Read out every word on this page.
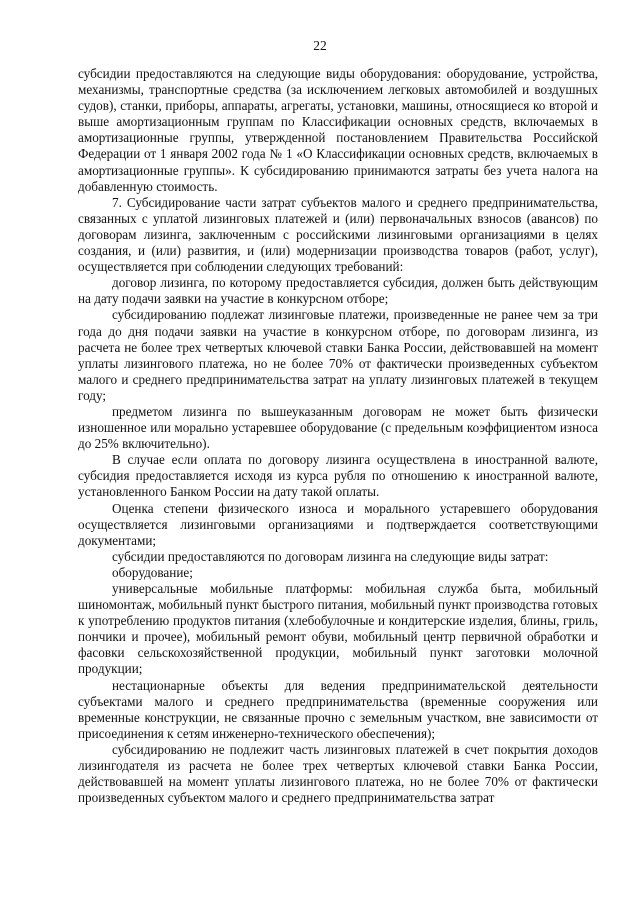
22

субсидии предоставляются на следующие виды оборудования: оборудование, устройства, механизмы, транспортные средства (за исключением легковых автомобилей и воздушных судов), станки, приборы, аппараты, агрегаты, установки, машины, относящиеся ко второй и выше амортизационным группам по Классификации основных средств, включаемых в амортизационные группы, утвержденной постановлением Правительства Российской Федерации от 1 января 2002 года № 1 «О Классификации основных средств, включаемых в амортизационные группы». К субсидированию принимаются затраты без учета налога на добавленную стоимость.

7. Субсидирование части затрат субъектов малого и среднего предпринимательства, связанных с уплатой лизинговых платежей и (или) первоначальных взносов (авансов) по договорам лизинга, заключенным с российскими лизинговыми организациями в целях создания, и (или) развития, и (или) модернизации производства товаров (работ, услуг), осуществляется при соблюдении следующих требований:

договор лизинга, по которому предоставляется субсидия, должен быть действующим на дату подачи заявки на участие в конкурсном отборе;

субсидированию подлежат лизинговые платежи, произведенные не ранее чем за три года до дня подачи заявки на участие в конкурсном отборе, по договорам лизинга, из расчета не более трех четвертых ключевой ставки Банка России, действовавшей на момент уплаты лизингового платежа, но не более 70% от фактически произведенных субъектом малого и среднего предпринимательства затрат на уплату лизинговых платежей в текущем году;

предметом лизинга по вышеуказанным договорам не может быть физически изношенное или морально устаревшее оборудование (с предельным коэффициентом износа до 25% включительно).

В случае если оплата по договору лизинга осуществлена в иностранной валюте, субсидия предоставляется исходя из курса рубля по отношению к иностранной валюте, установленного Банком России на дату такой оплаты.

Оценка степени физического износа и морального устаревшего оборудования осуществляется лизинговыми организациями и подтверждается соответствующими документами;

субсидии предоставляются по договорам лизинга на следующие виды затрат:

оборудование;

универсальные мобильные платформы: мобильная служба быта, мобильный шиномонтаж, мобильный пункт быстрого питания, мобильный пункт производства готовых к употреблению продуктов питания (хлебобулочные и кондитерские изделия, блины, гриль, пончики и прочее), мобильный ремонт обуви, мобильный центр первичной обработки и фасовки сельскохозяйственной продукции, мобильный пункт заготовки молочной продукции;

нестационарные объекты для ведения предпринимательской деятельности субъектами малого и среднего предпринимательства (временные сооружения или временные конструкции, не связанные прочно с земельным участком, вне зависимости от присоединения к сетям инженерно-технического обеспечения);

субсидированию не подлежит часть лизинговых платежей в счет покрытия доходов лизингодателя из расчета не более трех четвертых ключевой ставки Банка России, действовавшей на момент уплаты лизингового платежа, но не более 70% от фактически произведенных субъектом малого и среднего предпринимательства затрат
